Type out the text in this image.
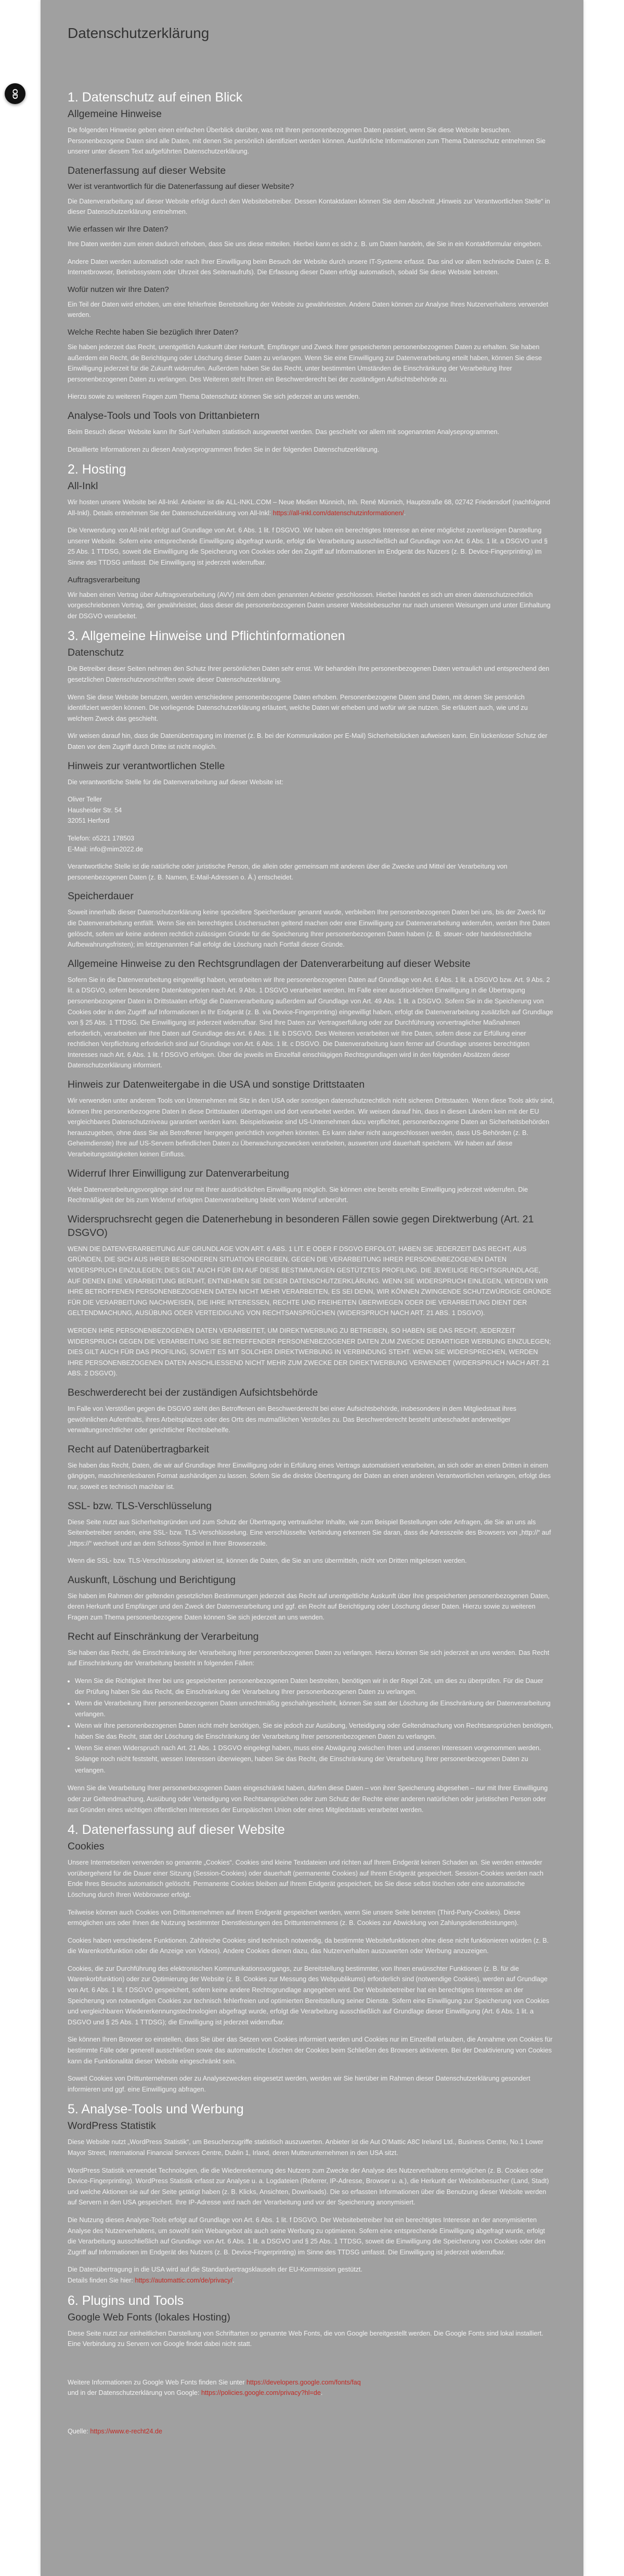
Datenschutzerklärung
1. Datenschutz auf einen Blick
Allgemeine Hinweise

Die folgenden Hinweise geben einen einfachen Überblick darüber, was mit Ihren personenbezogenen Daten passiert, wenn Sie diese Website besuchen. Personenbezogene Daten sind alle Daten, mit denen Sie persönlich identifiziert werden können. Ausführliche Informationen zum Thema Datenschutz entnehmen Sie unserer unter diesem Text aufgeführten Datenschutzerklärung.

Datenerfassung auf dieser Website
Wer ist verantwortlich für die Datenerfassung auf dieser Website?

Die Datenverarbeitung auf dieser Website erfolgt durch den Websitebetreiber. Dessen Kontaktdaten können Sie dem Abschnitt „Hinweis zur Verantwortlichen Stelle“ in dieser Datenschutzerklärung entnehmen.

Wie erfassen wir Ihre Daten?

Ihre Daten werden zum einen dadurch erhoben, dass Sie uns diese mitteilen. Hierbei kann es sich z. B. um Daten handeln, die Sie in ein Kontaktformular eingeben.

Andere Daten werden automatisch oder nach Ihrer Einwilligung beim Besuch der Website durch unsere IT-Systeme erfasst. Das sind vor allem technische Daten (z. B. Internetbrowser, Betriebssystem oder Uhrzeit des Seitenaufrufs). Die Erfassung dieser Daten erfolgt automatisch, sobald Sie diese Website betreten.

Wofür nutzen wir Ihre Daten?

Ein Teil der Daten wird erhoben, um eine fehlerfreie Bereitstellung der Website zu gewährleisten. Andere Daten können zur Analyse Ihres Nutzerverhaltens verwendet werden.

Welche Rechte haben Sie bezüglich Ihrer Daten?

Sie haben jederzeit das Recht, unentgeltlich Auskunft über Herkunft, Empfänger und Zweck Ihrer gespeicherten personenbezogenen Daten zu erhalten. Sie haben außerdem ein Recht, die Berichtigung oder Löschung dieser Daten zu verlangen. Wenn Sie eine Einwilligung zur Datenverarbeitung erteilt haben, können Sie diese Einwilligung jederzeit für die Zukunft widerrufen. Außerdem haben Sie das Recht, unter bestimmten Umständen die Einschränkung der Verarbeitung Ihrer personenbezogenen Daten zu verlangen. Des Weiteren steht Ihnen ein Beschwerderecht bei der zuständigen Aufsichtsbehörde zu.

Hierzu sowie zu weiteren Fragen zum Thema Datenschutz können Sie sich jederzeit an uns wenden.

Analyse-Tools und Tools von Drittanbietern

Beim Besuch dieser Website kann Ihr Surf-Verhalten statistisch ausgewertet werden. Das geschieht vor allem mit sogenannten Analyseprogrammen.

Detaillierte Informationen zu diesen Analyseprogrammen finden Sie in der folgenden Datenschutzerklärung.

2. Hosting
All-Inkl

Wir hosten unsere Website bei All-Inkl. Anbieter ist die ALL-INKL.COM – Neue Medien Münnich, Inh. René Münnich, Hauptstraße 68, 02742 Friedersdorf (nachfolgend All-Inkl). Details entnehmen Sie der Datenschutzerklärung von All-Inkl: https://all-inkl.com/datenschutzinformationen/.

Die Verwendung von All-Inkl erfolgt auf Grundlage von Art. 6 Abs. 1 lit. f DSGVO. Wir haben ein berechtigtes Interesse an einer möglichst zuverlässigen Darstellung unserer Website. Sofern eine entsprechende Einwilligung abgefragt wurde, erfolgt die Verarbeitung ausschließlich auf Grundlage von Art. 6 Abs. 1 lit. a DSGVO und § 25 Abs. 1 TTDSG, soweit die Einwilligung die Speicherung von Cookies oder den Zugriff auf Informationen im Endgerät des Nutzers (z. B. Device-Fingerprinting) im Sinne des TTDSG umfasst. Die Einwilligung ist jederzeit widerrufbar.

Auftragsverarbeitung

Wir haben einen Vertrag über Auftragsverarbeitung (AVV) mit dem oben genannten Anbieter geschlossen. Hierbei handelt es sich um einen datenschutzrechtlich vorgeschriebenen Vertrag, der gewährleistet, dass dieser die personenbezogenen Daten unserer Websitebesucher nur nach unseren Weisungen und unter Einhaltung der DSGVO verarbeitet.

3. Allgemeine Hinweise und Pflichtinformationen
Datenschutz

Die Betreiber dieser Seiten nehmen den Schutz Ihrer persönlichen Daten sehr ernst. Wir behandeln Ihre personenbezogenen Daten vertraulich und entsprechend den gesetzlichen Datenschutzvorschriften sowie dieser Datenschutzerklärung.

Wenn Sie diese Website benutzen, werden verschiedene personenbezogene Daten erhoben. Personenbezogene Daten sind Daten, mit denen Sie persönlich identifiziert werden können. Die vorliegende Datenschutzerklärung erläutert, welche Daten wir erheben und wofür wir sie nutzen. Sie erläutert auch, wie und zu welchem Zweck das geschieht.

Wir weisen darauf hin, dass die Datenübertragung im Internet (z. B. bei der Kommunikation per E-Mail) Sicherheitslücken aufweisen kann. Ein lückenloser Schutz der Daten vor dem Zugriff durch Dritte ist nicht möglich.

Hinweis zur verantwortlichen Stelle

Die verantwortliche Stelle für die Datenverarbeitung auf dieser Website ist:

Oliver Teller
Hausheider Str. 54
32051 Herford

Telefon: o5221 178503
E-Mail: info@mim2022.de

Verantwortliche Stelle ist die natürliche oder juristische Person, die allein oder gemeinsam mit anderen über die Zwecke und Mittel der Verarbeitung von personenbezogenen Daten (z. B. Namen, E-Mail-Adressen o. Ä.) entscheidet.

Speicherdauer

Soweit innerhalb dieser Datenschutzerklärung keine speziellere Speicherdauer genannt wurde, verbleiben Ihre personenbezogenen Daten bei uns, bis der Zweck für die Datenverarbeitung entfällt. Wenn Sie ein berechtigtes Löschersuchen geltend machen oder eine Einwilligung zur Datenverarbeitung widerrufen, werden Ihre Daten gelöscht, sofern wir keine anderen rechtlich zulässigen Gründe für die Speicherung Ihrer personenbezogenen Daten haben (z. B. steuer- oder handelsrechtliche Aufbewahrungsfristen); im letztgenannten Fall erfolgt die Löschung nach Fortfall dieser Gründe.

Allgemeine Hinweise zu den Rechtsgrundlagen der Datenverarbeitung auf dieser Website

Sofern Sie in die Datenverarbeitung eingewilligt haben, verarbeiten wir Ihre personenbezogenen Daten auf Grundlage von Art. 6 Abs. 1 lit. a DSGVO bzw. Art. 9 Abs. 2 lit. a DSGVO, sofern besondere Datenkategorien nach Art. 9 Abs. 1 DSGVO verarbeitet werden. Im Falle einer ausdrücklichen Einwilligung in die Übertragung personenbezogener Daten in Drittstaaten erfolgt die Datenverarbeitung außerdem auf Grundlage von Art. 49 Abs. 1 lit. a DSGVO. Sofern Sie in die Speicherung von Cookies oder in den Zugriff auf Informationen in Ihr Endgerät (z. B. via Device-Fingerprinting) eingewilligt haben, erfolgt die Datenverarbeitung zusätzlich auf Grundlage von § 25 Abs. 1 TTDSG. Die Einwilligung ist jederzeit widerrufbar. Sind Ihre Daten zur Vertragserfüllung oder zur Durchführung vorvertraglicher Maßnahmen erforderlich, verarbeiten wir Ihre Daten auf Grundlage des Art. 6 Abs. 1 lit. b DSGVO. Des Weiteren verarbeiten wir Ihre Daten, sofern diese zur Erfüllung einer rechtlichen Verpflichtung erforderlich sind auf Grundlage von Art. 6 Abs. 1 lit. c DSGVO. Die Datenverarbeitung kann ferner auf Grundlage unseres berechtigten Interesses nach Art. 6 Abs. 1 lit. f DSGVO erfolgen. Über die jeweils im Einzelfall einschlägigen Rechtsgrundlagen wird in den folgenden Absätzen dieser Datenschutzerklärung informiert.

Hinweis zur Datenweitergabe in die USA und sonstige Drittstaaten

Wir verwenden unter anderem Tools von Unternehmen mit Sitz in den USA oder sonstigen datenschutzrechtlich nicht sicheren Drittstaaten. Wenn diese Tools aktiv sind, können Ihre personenbezogene Daten in diese Drittstaaten übertragen und dort verarbeitet werden. Wir weisen darauf hin, dass in diesen Ländern kein mit der EU vergleichbares Datenschutzniveau garantiert werden kann. Beispielsweise sind US-Unternehmen dazu verpflichtet, personenbezogene Daten an Sicherheitsbehörden herauszugeben, ohne dass Sie als Betroffener hiergegen gerichtlich vorgehen könnten. Es kann daher nicht ausgeschlossen werden, dass US-Behörden (z. B. Geheimdienste) Ihre auf US-Servern befindlichen Daten zu Überwachungszwecken verarbeiten, auswerten und dauerhaft speichern. Wir haben auf diese Verarbeitungstätigkeiten keinen Einfluss.

Widerruf Ihrer Einwilligung zur Datenverarbeitung

Viele Datenverarbeitungsvorgänge sind nur mit Ihrer ausdrücklichen Einwilligung möglich. Sie können eine bereits erteilte Einwilligung jederzeit widerrufen. Die Rechtmäßigkeit der bis zum Widerruf erfolgten Datenverarbeitung bleibt vom Widerruf unberührt.

Widerspruchsrecht gegen die Datenerhebung in besonderen Fällen sowie gegen Direktwerbung (Art. 21 DSGVO)

WENN DIE DATENVERARBEITUNG AUF GRUNDLAGE VON ART. 6 ABS. 1 LIT. E ODER F DSGVO ERFOLGT, HABEN SIE JEDERZEIT DAS RECHT, AUS GRÜNDEN, DIE SICH AUS IHRER BESONDEREN SITUATION ERGEBEN, GEGEN DIE VERARBEITUNG IHRER PERSONENBEZOGENEN DATEN WIDERSPRUCH EINZULEGEN; DIES GILT AUCH FÜR EIN AUF DIESE BESTIMMUNGEN GESTÜTZTES PROFILING. DIE JEWEILIGE RECHTSGRUNDLAGE, AUF DENEN EINE VERARBEITUNG BERUHT, ENTNEHMEN SIE DIESER DATENSCHUTZERKLÄRUNG. WENN SIE WIDERSPRUCH EINLEGEN, WERDEN WIR IHRE BETROFFENEN PERSONENBEZOGENEN DATEN NICHT MEHR VERARBEITEN, ES SEI DENN, WIR KÖNNEN ZWINGENDE SCHUTZWÜRDIGE GRÜNDE FÜR DIE VERARBEITUNG NACHWEISEN, DIE IHRE INTERESSEN, RECHTE UND FREIHEITEN ÜBERWIEGEN ODER DIE VERARBEITUNG DIENT DER GELTENDMACHUNG, AUSÜBUNG ODER VERTEIDIGUNG VON RECHTSANSPRÜCHEN (WIDERSPRUCH NACH ART. 21 ABS. 1 DSGVO).

WERDEN IHRE PERSONENBEZOGENEN DATEN VERARBEITET, UM DIREKTWERBUNG ZU BETREIBEN, SO HABEN SIE DAS RECHT, JEDERZEIT WIDERSPRUCH GEGEN DIE VERARBEITUNG SIE BETREFFENDER PERSONENBEZOGENER DATEN ZUM ZWECKE DERARTIGER WERBUNG EINZULEGEN; DIES GILT AUCH FÜR DAS PROFILING, SOWEIT ES MIT SOLCHER DIREKTWERBUNG IN VERBINDUNG STEHT. WENN SIE WIDERSPRECHEN, WERDEN IHRE PERSONENBEZOGENEN DATEN ANSCHLIESSEND NICHT MEHR ZUM ZWECKE DER DIREKTWERBUNG VERWENDET (WIDERSPRUCH NACH ART. 21 ABS. 2 DSGVO).

Beschwerderecht bei der zuständigen Aufsichtsbehörde

Im Falle von Verstößen gegen die DSGVO steht den Betroffenen ein Beschwerderecht bei einer Aufsichtsbehörde, insbesondere in dem Mitgliedstaat ihres gewöhnlichen Aufenthalts, ihres Arbeitsplatzes oder des Orts des mutmaßlichen Verstoßes zu. Das Beschwerderecht besteht unbeschadet anderweitiger verwaltungsrechtlicher oder gerichtlicher Rechtsbehelfe.

Recht auf Datenübertragbarkeit

Sie haben das Recht, Daten, die wir auf Grundlage Ihrer Einwilligung oder in Erfüllung eines Vertrags automatisiert verarbeiten, an sich oder an einen Dritten in einem gängigen, maschinenlesbaren Format aushändigen zu lassen. Sofern Sie die direkte Übertragung der Daten an einen anderen Verantwortlichen verlangen, erfolgt dies nur, soweit es technisch machbar ist.

SSL- bzw. TLS-Verschlüsselung

Diese Seite nutzt aus Sicherheitsgründen und zum Schutz der Übertragung vertraulicher Inhalte, wie zum Beispiel Bestellungen oder Anfragen, die Sie an uns als Seitenbetreiber senden, eine SSL- bzw. TLS-Verschlüsselung. Eine verschlüsselte Verbindung erkennen Sie daran, dass die Adresszeile des Browsers von „http://“ auf „https://“ wechselt und an dem Schloss-Symbol in Ihrer Browserzeile.

Wenn die SSL- bzw. TLS-Verschlüsselung aktiviert ist, können die Daten, die Sie an uns übermitteln, nicht von Dritten mitgelesen werden.

Auskunft, Löschung und Berichtigung

Sie haben im Rahmen der geltenden gesetzlichen Bestimmungen jederzeit das Recht auf unentgeltliche Auskunft über Ihre gespeicherten personenbezogenen Daten, deren Herkunft und Empfänger und den Zweck der Datenverarbeitung und ggf. ein Recht auf Berichtigung oder Löschung dieser Daten. Hierzu sowie zu weiteren Fragen zum Thema personenbezogene Daten können Sie sich jederzeit an uns wenden.

Recht auf Einschränkung der Verarbeitung

Sie haben das Recht, die Einschränkung der Verarbeitung Ihrer personenbezogenen Daten zu verlangen. Hierzu können Sie sich jederzeit an uns wenden. Das Recht auf Einschränkung der Verarbeitung besteht in folgenden Fällen:

• Wenn Sie die Richtigkeit Ihrer bei uns gespeicherten personenbezogenen Daten bestreiten, benötigen wir in der Regel Zeit, um dies zu überprüfen. Für die Dauer der Prüfung haben Sie das Recht, die Einschränkung der Verarbeitung Ihrer personenbezogenen Daten zu verlangen.
• Wenn die Verarbeitung Ihrer personenbezogenen Daten unrechtmäßig geschah/geschieht, können Sie statt der Löschung die Einschränkung der Datenverarbeitung verlangen.
• Wenn wir Ihre personenbezogenen Daten nicht mehr benötigen, Sie sie jedoch zur Ausübung, Verteidigung oder Geltendmachung von Rechtsansprüchen benötigen, haben Sie das Recht, statt der Löschung die Einschränkung der Verarbeitung Ihrer personenbezogenen Daten zu verlangen.
• Wenn Sie einen Widerspruch nach Art. 21 Abs. 1 DSGVO eingelegt haben, muss eine Abwägung zwischen Ihren und unseren Interessen vorgenommen werden. Solange noch nicht feststeht, wessen Interessen überwiegen, haben Sie das Recht, die Einschränkung der Verarbeitung Ihrer personenbezogenen Daten zu verlangen.

Wenn Sie die Verarbeitung Ihrer personenbezogenen Daten eingeschränkt haben, dürfen diese Daten – von ihrer Speicherung abgesehen – nur mit Ihrer Einwilligung oder zur Geltendmachung, Ausübung oder Verteidigung von Rechtsansprüchen oder zum Schutz der Rechte einer anderen natürlichen oder juristischen Person oder aus Gründen eines wichtigen öffentlichen Interesses der Europäischen Union oder eines Mitgliedstaats verarbeitet werden.

4. Datenerfassung auf dieser Website
Cookies

Unsere Internetseiten verwenden so genannte „Cookies“. Cookies sind kleine Textdateien und richten auf Ihrem Endgerät keinen Schaden an. Sie werden entweder vorübergehend für die Dauer einer Sitzung (Session-Cookies) oder dauerhaft (permanente Cookies) auf Ihrem Endgerät gespeichert. Session-Cookies werden nach Ende Ihres Besuchs automatisch gelöscht. Permanente Cookies bleiben auf Ihrem Endgerät gespeichert, bis Sie diese selbst löschen oder eine automatische Löschung durch Ihren Webbrowser erfolgt.

Teilweise können auch Cookies von Drittunternehmen auf Ihrem Endgerät gespeichert werden, wenn Sie unsere Seite betreten (Third-Party-Cookies). Diese ermöglichen uns oder Ihnen die Nutzung bestimmter Dienstleistungen des Drittunternehmens (z. B. Cookies zur Abwicklung von Zahlungsdienstleistungen).

Cookies haben verschiedene Funktionen. Zahlreiche Cookies sind technisch notwendig, da bestimmte Websitefunktionen ohne diese nicht funktionieren würden (z. B. die Warenkorbfunktion oder die Anzeige von Videos). Andere Cookies dienen dazu, das Nutzerverhalten auszuwerten oder Werbung anzuzeigen.

Cookies, die zur Durchführung des elektronischen Kommunikationsvorgangs, zur Bereitstellung bestimmter, von Ihnen erwünschter Funktionen (z. B. für die Warenkorbfunktion) oder zur Optimierung der Website (z. B. Cookies zur Messung des Webpublikums) erforderlich sind (notwendige Cookies), werden auf Grundlage von Art. 6 Abs. 1 lit. f DSGVO gespeichert, sofern keine andere Rechtsgrundlage angegeben wird. Der Websitebetreiber hat ein berechtigtes Interesse an der Speicherung von notwendigen Cookies zur technisch fehlerfreien und optimierten Bereitstellung seiner Dienste. Sofern eine Einwilligung zur Speicherung von Cookies und vergleichbaren Wiedererkennungstechnologien abgefragt wurde, erfolgt die Verarbeitung ausschließlich auf Grundlage dieser Einwilligung (Art. 6 Abs. 1 lit. a DSGVO und § 25 Abs. 1 TTDSG); die Einwilligung ist jederzeit widerrufbar.

Sie können Ihren Browser so einstellen, dass Sie über das Setzen von Cookies informiert werden und Cookies nur im Einzelfall erlauben, die Annahme von Cookies für bestimmte Fälle oder generell ausschließen sowie das automatische Löschen der Cookies beim Schließen des Browsers aktivieren. Bei der Deaktivierung von Cookies kann die Funktionalität dieser Website eingeschränkt sein.

Soweit Cookies von Drittunternehmen oder zu Analysezwecken eingesetzt werden, werden wir Sie hierüber im Rahmen dieser Datenschutzerklärung gesondert informieren und ggf. eine Einwilligung abfragen.

5. Analyse-Tools und Werbung
WordPress Statistik

Diese Website nutzt „WordPress Statistik“, um Besucherzugriffe statistisch auszuwerten. Anbieter ist die Aut O’Mattic A8C Ireland Ltd., Business Centre, No.1 Lower Mayor Street, International Financial Services Centre, Dublin 1, Irland, deren Mutterunternehmen in den USA sitzt.

WordPress Statistik verwendet Technologien, die die Wiedererkennung des Nutzers zum Zwecke der Analyse des Nutzerverhaltens ermöglichen (z. B. Cookies oder Device-Fingerprinting). WordPress Statistik erfasst zur Analyse u. a. Logdateien (Referrer, IP-Adresse, Browser u. a.), die Herkunft der Websitebesucher (Land, Stadt) und welche Aktionen sie auf der Seite getätigt haben (z. B. Klicks, Ansichten, Downloads). Die so erfassten Informationen über die Benutzung dieser Website werden auf Servern in den USA gespeichert. Ihre IP-Adresse wird nach der Verarbeitung und vor der Speicherung anonymisiert.

Die Nutzung dieses Analyse-Tools erfolgt auf Grundlage von Art. 6 Abs. 1 lit. f DSGVO. Der Websitebetreiber hat ein berechtigtes Interesse an der anonymisierten Analyse des Nutzerverhaltens, um sowohl sein Webangebot als auch seine Werbung zu optimieren. Sofern eine entsprechende Einwilligung abgefragt wurde, erfolgt die Verarbeitung ausschließlich auf Grundlage von Art. 6 Abs. 1 lit. a DSGVO und § 25 Abs. 1 TTDSG, soweit die Einwilligung die Speicherung von Cookies oder den Zugriff auf Informationen im Endgerät des Nutzers (z. B. Device-Fingerprinting) im Sinne des TTDSG umfasst. Die Einwilligung ist jederzeit widerrufbar.

Die Datenübertragung in die USA wird auf die Standardvertragsklauseln der EU-Kommission gestützt.
Details finden Sie hier: https://automattic.com/de/privacy/.

6. Plugins und Tools
Google Web Fonts (lokales Hosting)

Diese Seite nutzt zur einheitlichen Darstellung von Schriftarten so genannte Web Fonts, die von Google bereitgestellt werden. Die Google Fonts sind lokal installiert. Eine Verbindung zu Servern von Google findet dabei nicht statt.

Weitere Informationen zu Google Web Fonts finden Sie unter https://developers.google.com/fonts/faq
und in der Datenschutzerklärung von Google: https://policies.google.com/privacy?hl=de.

Quelle: https://www.e-recht24.de

OD
